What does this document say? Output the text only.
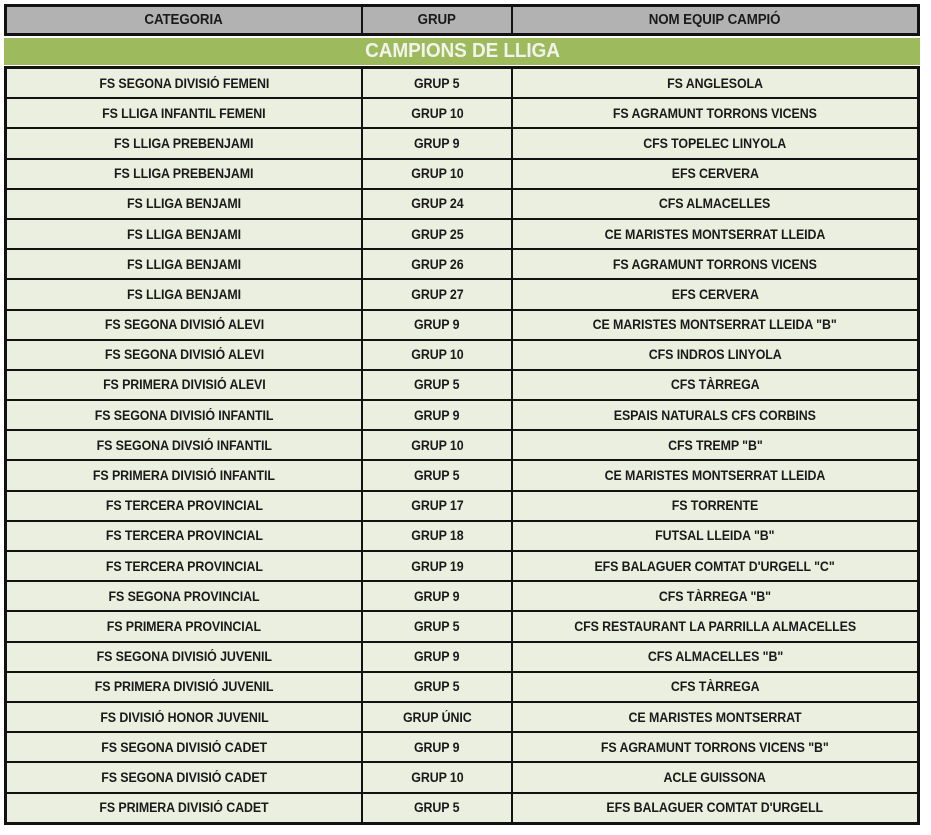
CATEGORIA	GRUP	NOM EQUIP CAMPIÓ
CAMPIONS DE LLIGA
FS SEGONA DIVISIÓ FEMENI	GRUP 5	FS ANGLESOLA
FS LLIGA INFANTIL FEMENI	GRUP 10	FS AGRAMUNT TORRONS VICENS
FS LLIGA PREBENJAMI	GRUP 9	CFS TOPELEC LINYOLA
FS LLIGA PREBENJAMI	GRUP 10	EFS CERVERA
FS LLIGA BENJAMI	GRUP 24	CFS ALMACELLES
FS LLIGA BENJAMI	GRUP 25	CE MARISTES MONTSERRAT LLEIDA
FS LLIGA BENJAMI	GRUP 26	FS AGRAMUNT TORRONS VICENS
FS LLIGA BENJAMI	GRUP 27	EFS CERVERA
FS SEGONA DIVISIÓ ALEVI	GRUP 9	CE MARISTES MONTSERRAT LLEIDA "B"
FS SEGONA DIVISIÓ ALEVI	GRUP 10	CFS INDROS LINYOLA
FS PRIMERA DIVISIÓ ALEVI	GRUP 5	CFS TÀRREGA
FS SEGONA DIVISIÓ INFANTIL	GRUP 9	ESPAIS NATURALS CFS CORBINS
FS SEGONA DIVSIÓ INFANTIL	GRUP 10	CFS TREMP "B"
FS PRIMERA DIVISIÓ INFANTIL	GRUP 5	CE MARISTES MONTSERRAT LLEIDA
FS TERCERA PROVINCIAL	GRUP 17	FS TORRENTE
FS TERCERA PROVINCIAL	GRUP 18	FUTSAL LLEIDA "B"
FS TERCERA PROVINCIAL	GRUP 19	EFS BALAGUER COMTAT D'URGELL "C"
FS SEGONA PROVINCIAL	GRUP 9	CFS TÀRREGA "B"
FS PRIMERA PROVINCIAL	GRUP 5	CFS RESTAURANT LA PARRILLA ALMACELLES
FS SEGONA DIVISIÓ JUVENIL	GRUP 9	CFS ALMACELLES "B"
FS PRIMERA DIVISIÓ JUVENIL	GRUP 5	CFS TÀRREGA
FS DIVISIÓ HONOR JUVENIL	GRUP ÚNIC	CE MARISTES MONTSERRAT
FS SEGONA DIVISIÓ CADET	GRUP 9	FS AGRAMUNT TORRONS VICENS "B"
FS SEGONA DIVISIÓ CADET	GRUP 10	ACLE GUISSONA
FS PRIMERA DIVISIÓ CADET	GRUP 5	EFS BALAGUER COMTAT D'URGELL
